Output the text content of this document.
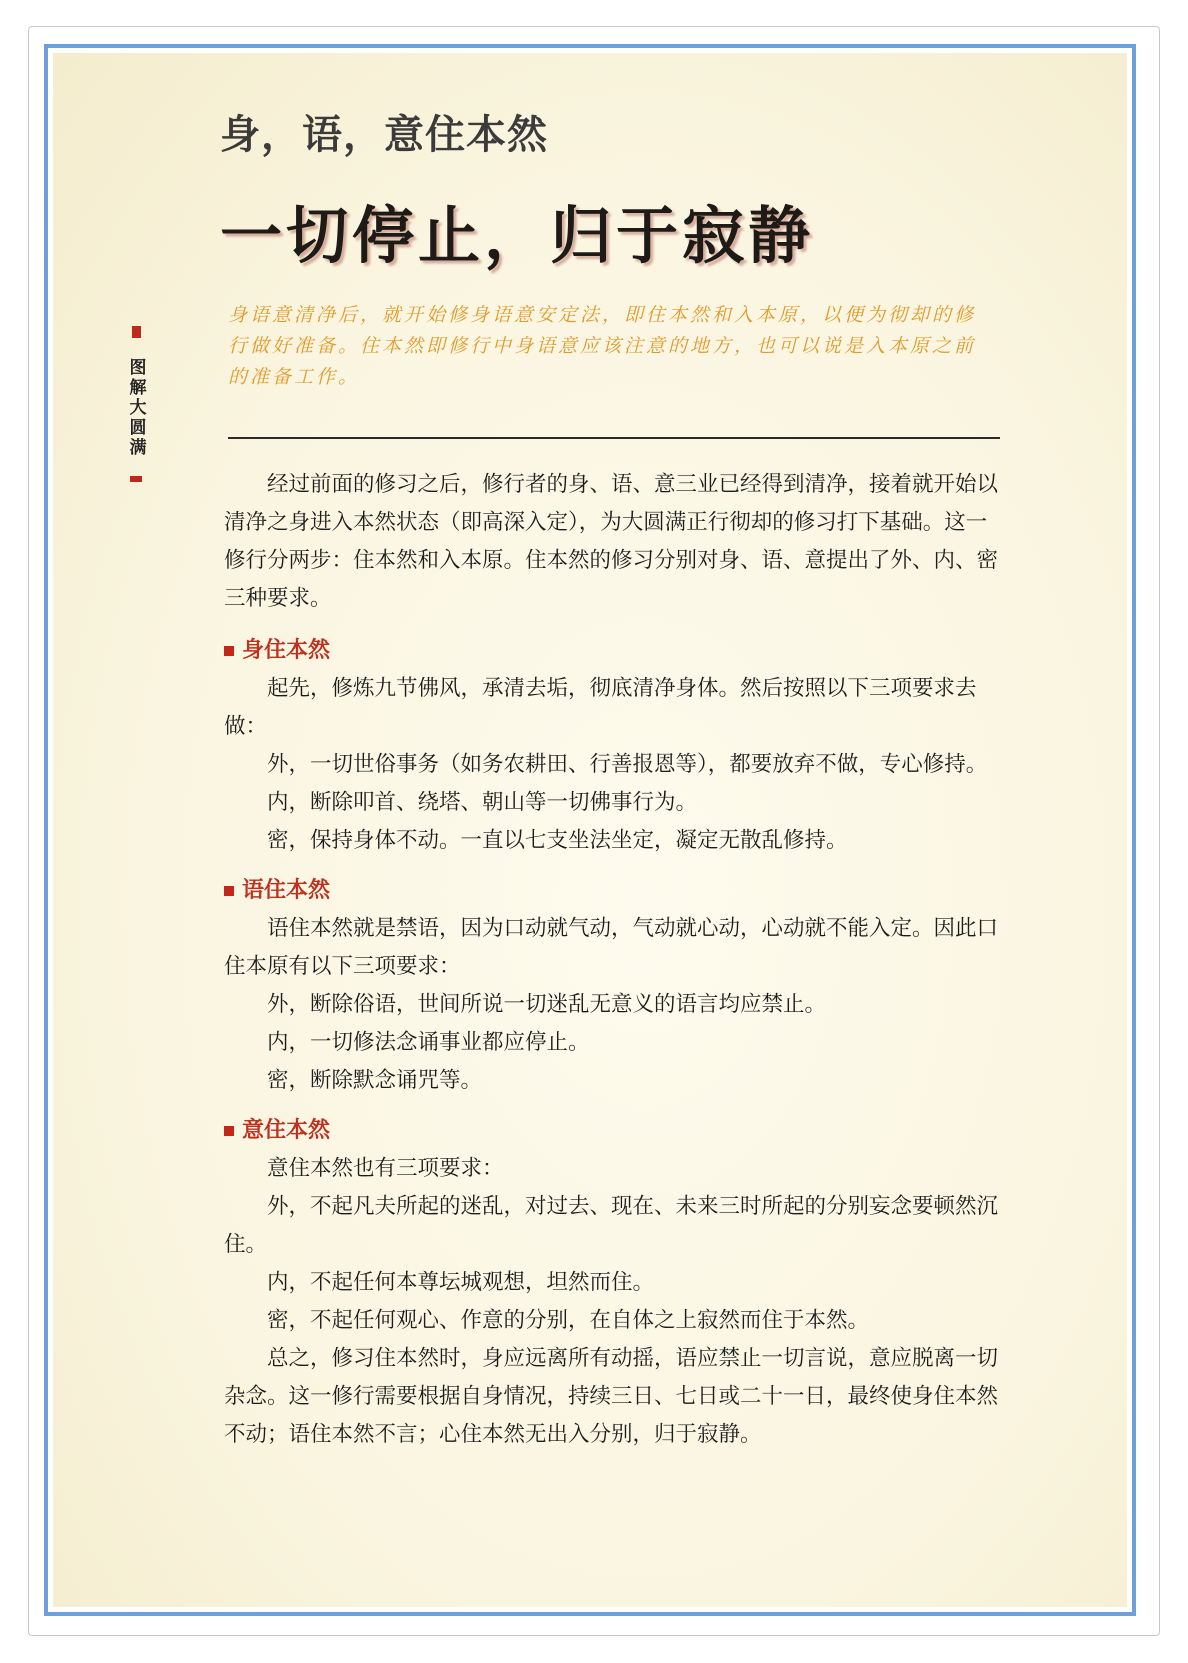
身，语，意住本然
一切停止，归于寂静
身语意清净后，就开始修身语意安定法，即住本然和入本原，以便为彻却的修行做好准备。住本然即修行中身语意应该注意的地方，也可以说是入本原之前的准备工作。
图解大圆满

经过前面的修习之后，修行者的身、语、意三业已经得到清净，接着就开始以清净之身进入本然状态（即高深入定），为大圆满正行彻却的修习打下基础。这一修行分两步：住本然和入本原。住本然的修习分别对身、语、意提出了外、内、密三种要求。

身住本然

起先，修炼九节佛风，承清去垢，彻底清净身体。然后按照以下三项要求去做：

外，一切世俗事务（如务农耕田、行善报恩等），都要放弃不做，专心修持。

内，断除叩首、绕塔、朝山等一切佛事行为。

密，保持身体不动。一直以七支坐法坐定，凝定无散乱修持。

语住本然

语住本然就是禁语，因为口动就气动，气动就心动，心动就不能入定。因此口住本原有以下三项要求：

外，断除俗语，世间所说一切迷乱无意义的语言均应禁止。

内，一切修法念诵事业都应停止。

密，断除默念诵咒等。

意住本然

意住本然也有三项要求：

外，不起凡夫所起的迷乱，对过去、现在、未来三时所起的分别妄念要顿然沉住。

内，不起任何本尊坛城观想，坦然而住。

密，不起任何观心、作意的分别，在自体之上寂然而住于本然。

总之，修习住本然时，身应远离所有动摇，语应禁止一切言说，意应脱离一切杂念。这一修行需要根据自身情况，持续三日、七日或二十一日，最终使身住本然不动；语住本然不言；心住本然无出入分别，归于寂静。
